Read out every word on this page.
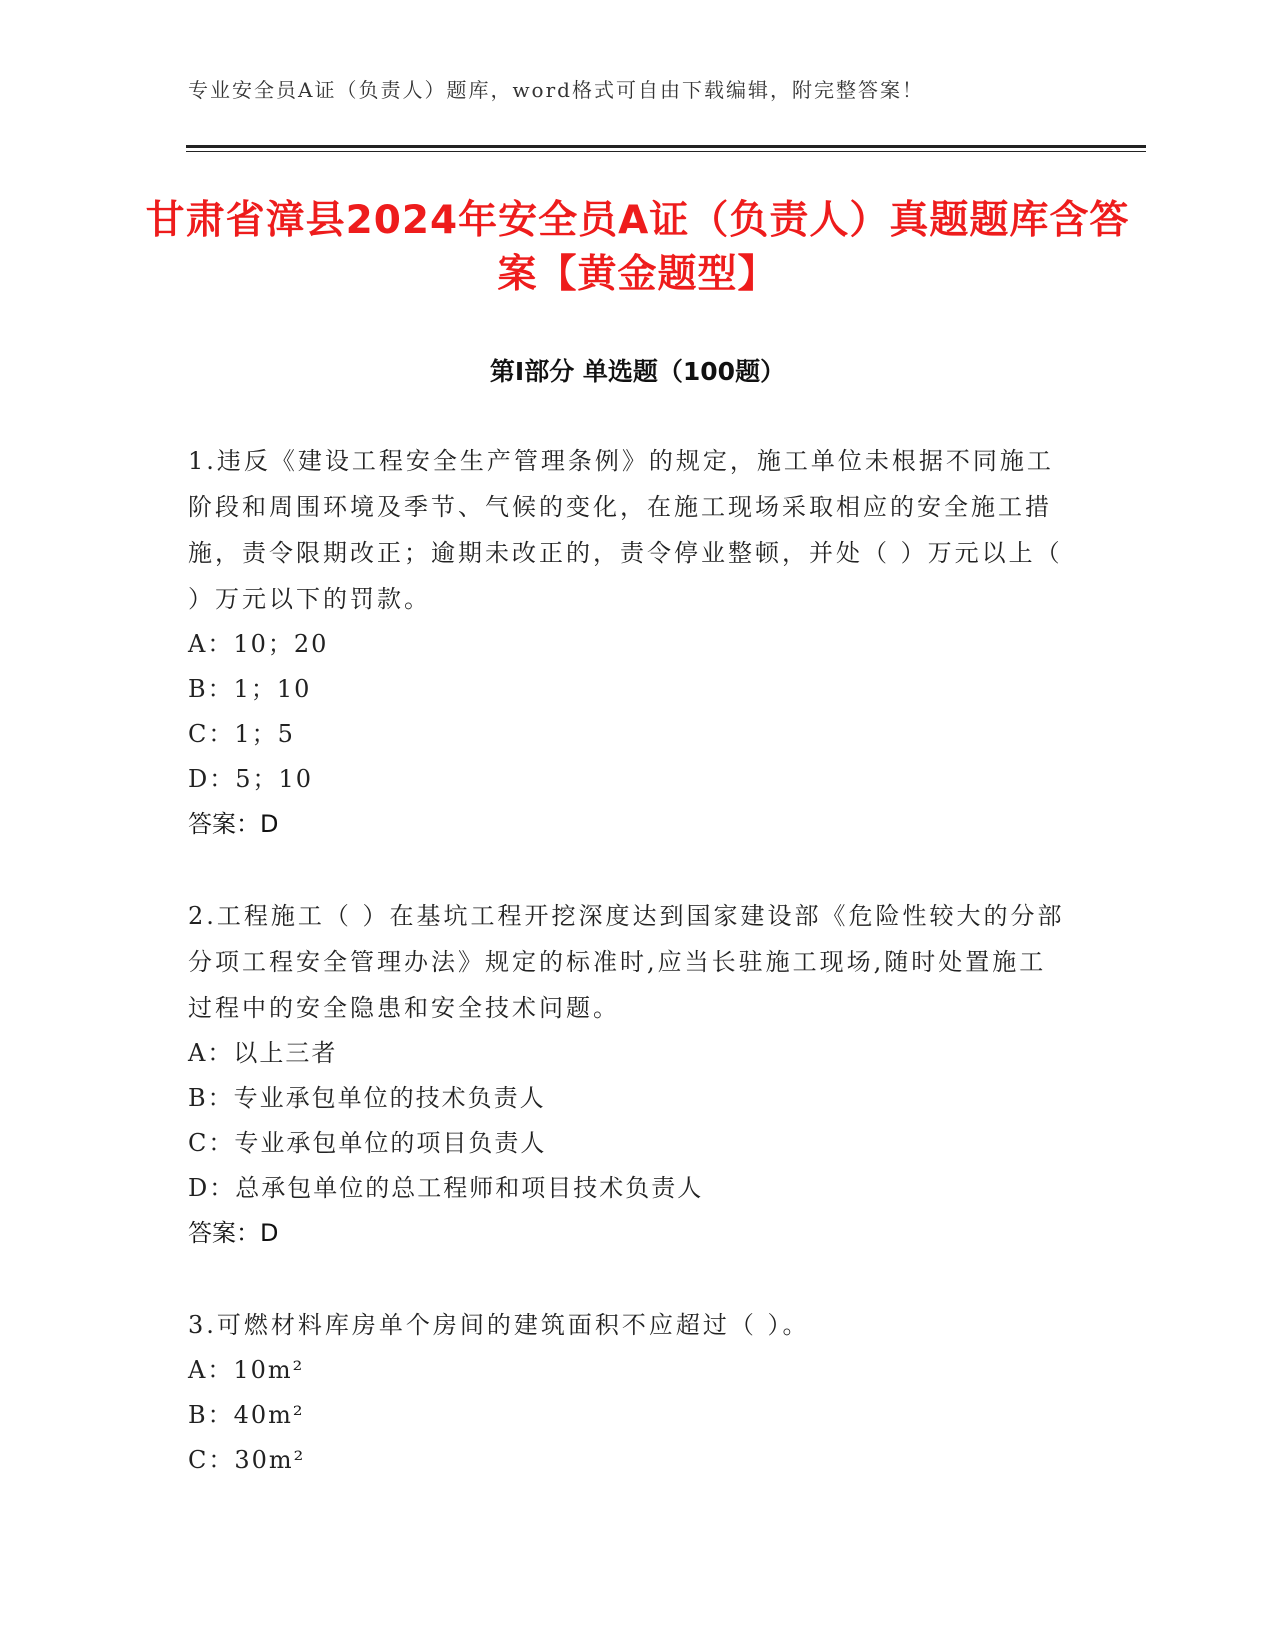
专业安全员A证（负责人）题库，word格式可自由下载编辑，附完整答案！
甘肃省漳县2024年安全员A证（负责人）真题题库含答案【黄金题型】
第Ⅰ部分 单选题（100题）
1.违反《建设工程安全生产管理条例》的规定，施工单位未根据不同施工阶段和周围环境及季节、气候的变化，在施工现场采取相应的安全施工措施，责令限期改正；逾期未改正的，责令停业整顿，并处（ ）万元以上（ ）万元以下的罚款。
A：10；20
B：1；10
C：1；5
D：5；10
答案：D
2.工程施工（ ）在基坑工程开挖深度达到国家建设部《危险性较大的分部分项工程安全管理办法》规定的标准时,应当长驻施工现场,随时处置施工过程中的安全隐患和安全技术问题。
A：以上三者
B：专业承包单位的技术负责人
C：专业承包单位的项目负责人
D：总承包单位的总工程师和项目技术负责人
答案：D
3.可燃材料库房单个房间的建筑面积不应超过（ ）。
A：10m²
B：40m²
C：30m²
